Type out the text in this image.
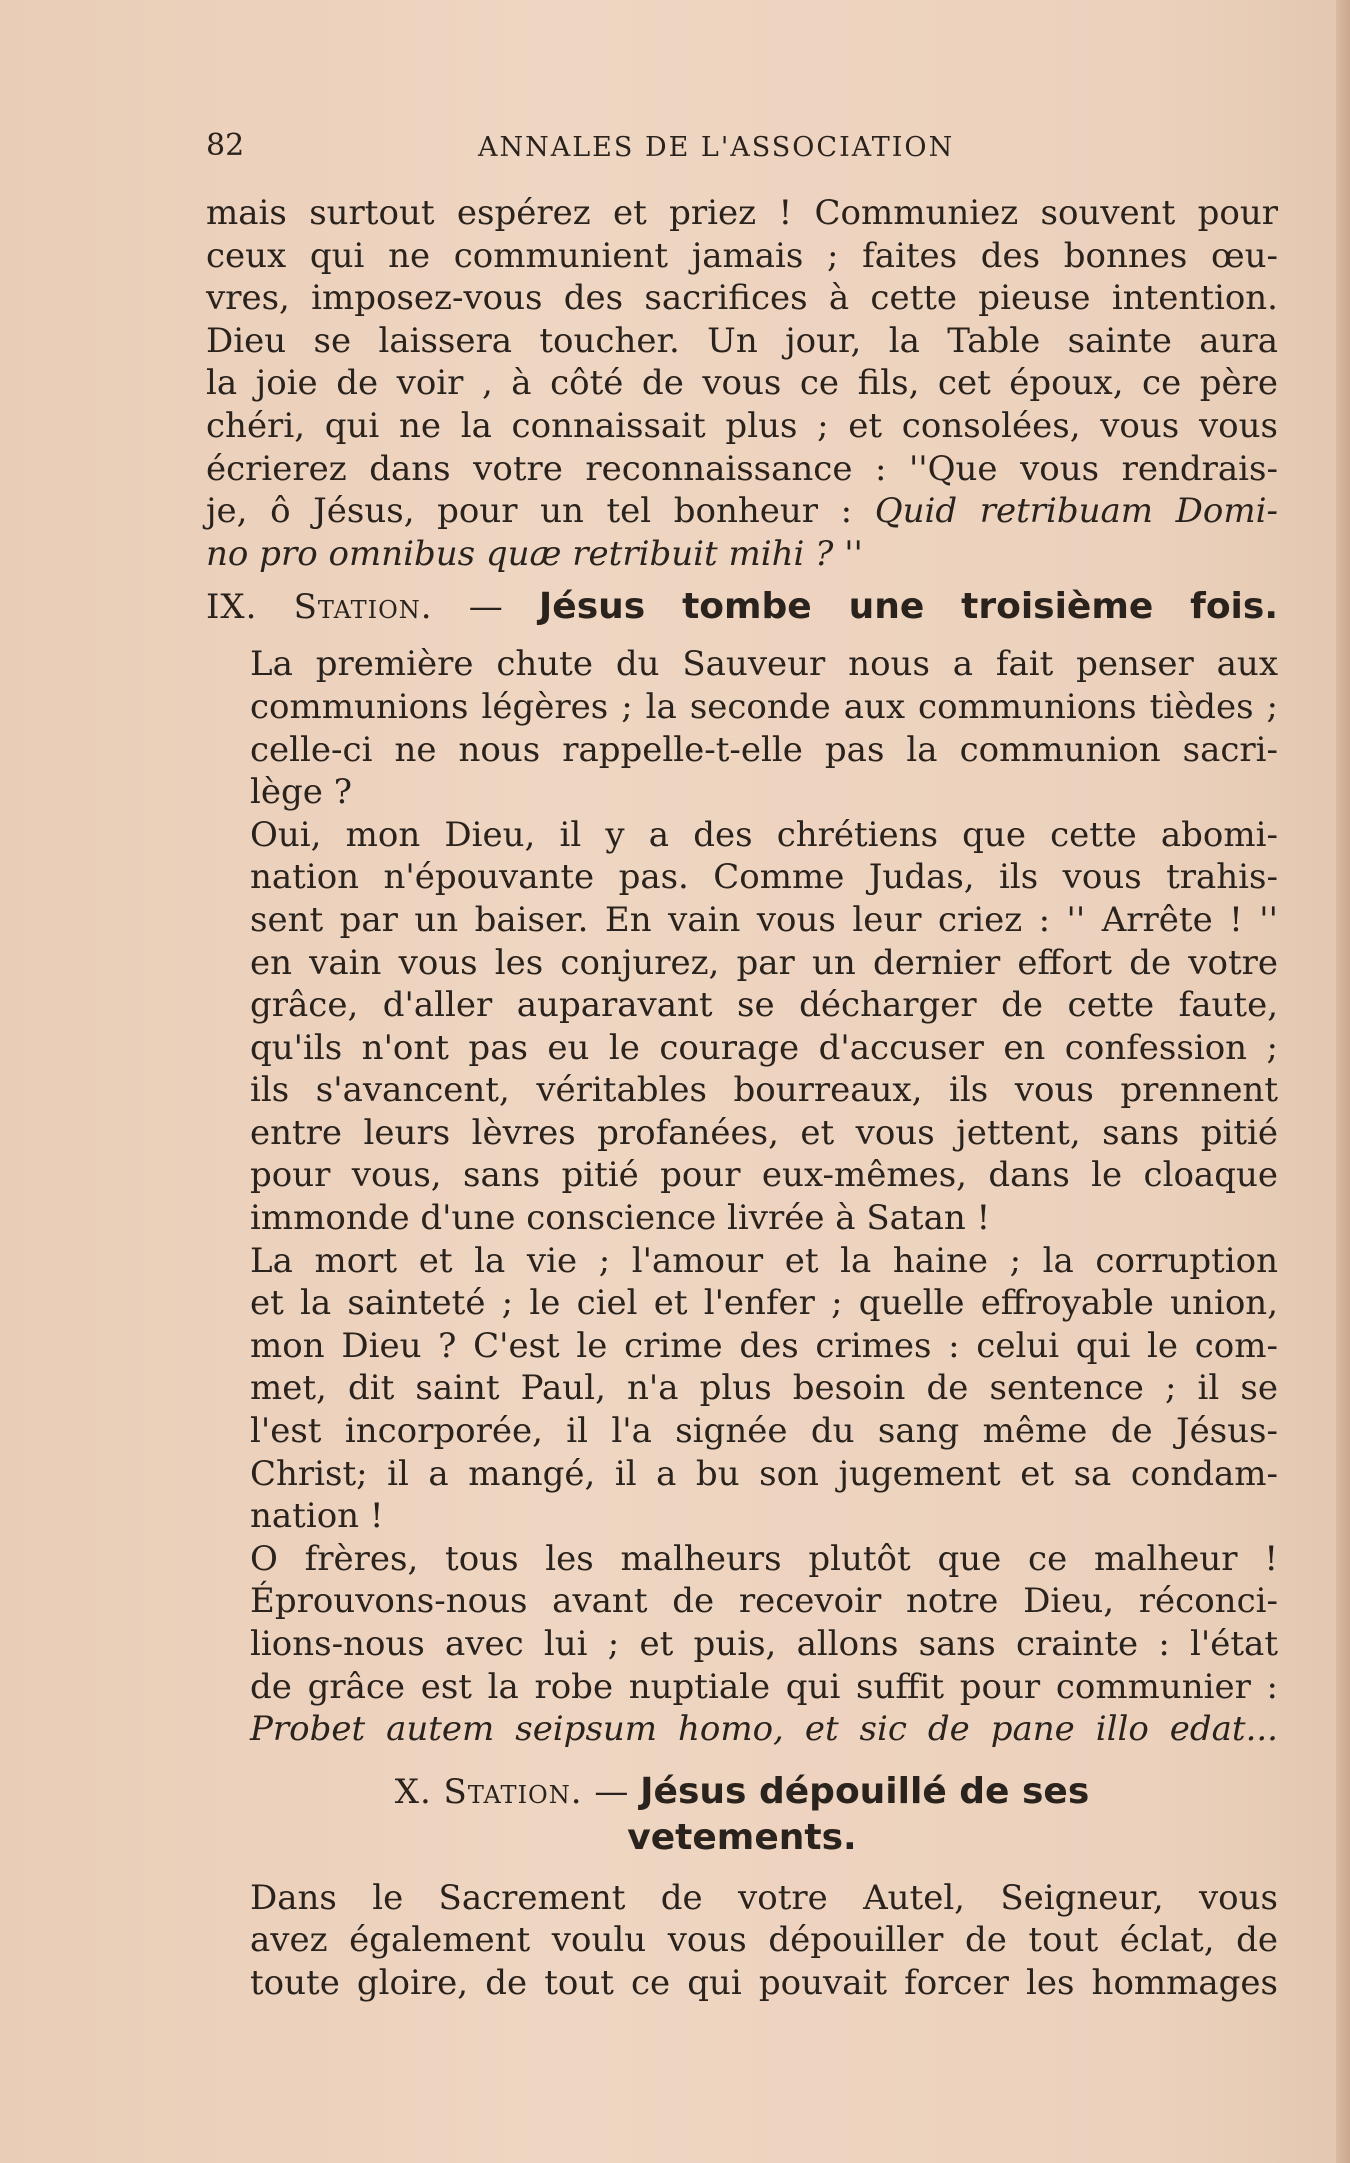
82	ANNALES DE L'ASSOCIATION

mais surtout espérez et priez ! Communiez souvent pour
ceux qui ne communient jamais ; faites des bonnes œu-
vres, imposez-vous des sacrifices à cette pieuse intention.
Dieu se laissera toucher. Un jour, la Table sainte aura
la joie de voir , à côté de vous ce fils, cet époux, ce père
chéri, qui ne la connaissait plus ; et consolées, vous vous
écrierez dans votre reconnaissance : ''Que vous rendrais-
je, ô Jésus, pour un tel bonheur : Quid retribuam Domi-
no pro omnibus quæ retribuit mihi ? ''

IX. Station. — Jésus tombe une troisième fois.

La première chute du Sauveur nous a fait penser aux
communions légères ; la seconde aux communions tièdes ;
celle-ci ne nous rappelle-t-elle pas la communion sacri-
lège ?

Oui, mon Dieu, il y a des chrétiens que cette abomi-
nation n'épouvante pas. Comme Judas, ils vous trahis-
sent par un baiser. En vain vous leur criez : '' Arrête ! ''
en vain vous les conjurez, par un dernier effort de votre
grâce, d'aller auparavant se décharger de cette faute,
qu'ils n'ont pas eu le courage d'accuser en confession ;
ils s'avancent, véritables bourreaux, ils vous prennent
entre leurs lèvres profanées, et vous jettent, sans pitié
pour vous, sans pitié pour eux-mêmes, dans le cloaque
immonde d'une conscience livrée à Satan !

La mort et la vie ; l'amour et la haine ; la corruption
et la sainteté ; le ciel et l'enfer ; quelle effroyable union,
mon Dieu ? C'est le crime des crimes : celui qui le com-
met, dit saint Paul, n'a plus besoin de sentence ; il se
l'est incorporée, il l'a signée du sang même de Jésus-
Christ; il a mangé, il a bu son jugement et sa condam-
nation !

O frères, tous les malheurs plutôt que ce malheur !
Éprouvons-nous avant de recevoir notre Dieu, réconci-
lions-nous avec lui ; et puis, allons sans crainte : l'état
de grâce est la robe nuptiale qui suffit pour communier :
Probet autem seipsum homo, et sic de pane illo edat...

X. Station. — Jésus dépouillé de ses
vetements.

Dans le Sacrement de votre Autel, Seigneur, vous
avez également voulu vous dépouiller de tout éclat, de
toute gloire, de tout ce qui pouvait forcer les hommages
